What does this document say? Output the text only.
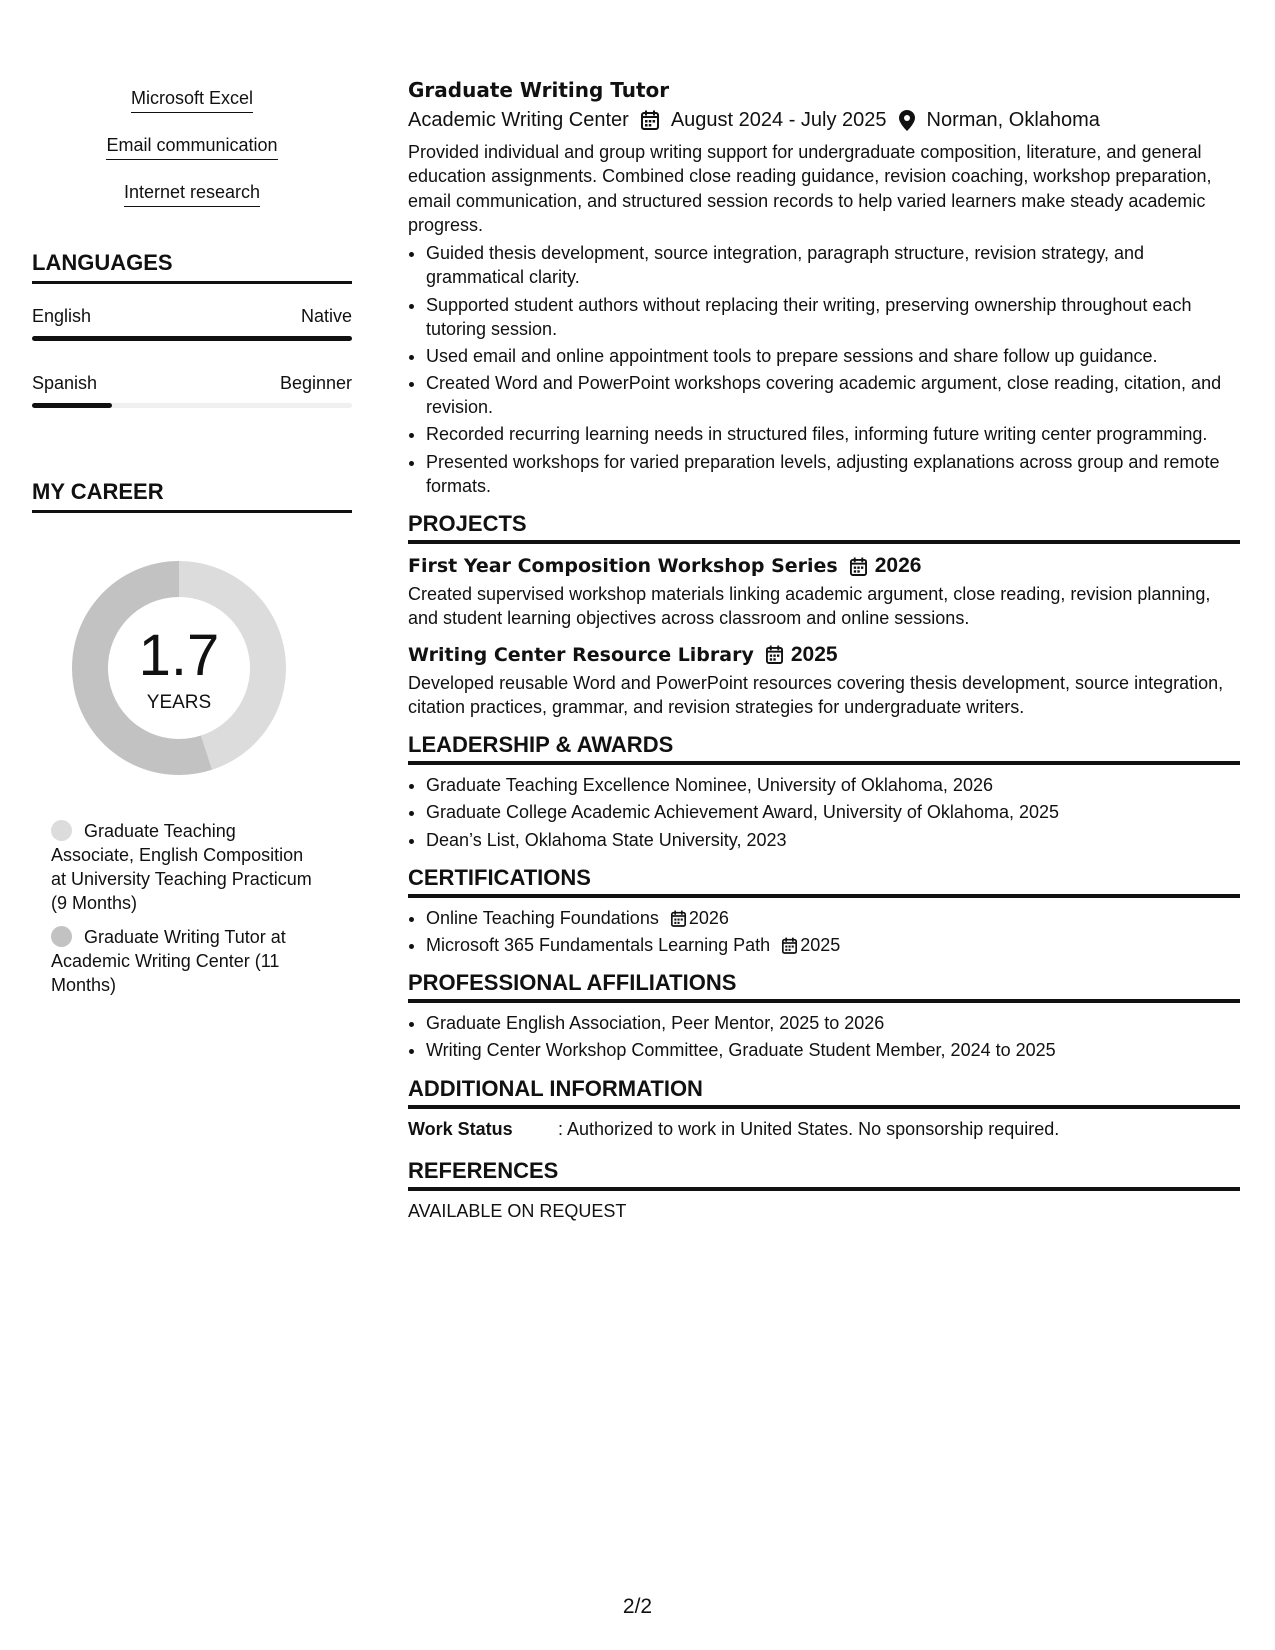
Microsoft Excel
Email communication
Internet research
LANGUAGES
English	Native
Spanish	Beginner
MY CAREER
1.7
YEARS
Graduate Teaching Associate, English Composition at University Teaching Practicum (9 Months)
Graduate Writing Tutor at Academic Writing Center (11 Months)
Graduate Writing Tutor
Academic Writing Center August 2024 - July 2025 Norman, Oklahoma

Provided individual and group writing support for undergraduate composition, literature, and general education assignments. Combined close reading guidance, revision coaching, workshop preparation, email communication, and structured session records to help varied learners make steady academic progress.

• Guided thesis development, source integration, paragraph structure, revision strategy, and grammatical clarity.
• Supported student authors without replacing their writing, preserving ownership throughout each tutoring session.
• Used email and online appointment tools to prepare sessions and share follow up guidance.
• Created Word and PowerPoint workshops covering academic argument, close reading, citation, and revision.
• Recorded recurring learning needs in structured files, informing future writing center programming.
• Presented workshops for varied preparation levels, adjusting explanations across group and remote formats.
PROJECTS
First Year Composition Workshop Series 2026

Created supervised workshop materials linking academic argument, close reading, revision planning, and student learning objectives across classroom and online sessions.

Writing Center Resource Library 2025

Developed reusable Word and PowerPoint resources covering thesis development, source integration, citation practices, grammar, and revision strategies for undergraduate writers.

LEADERSHIP & AWARDS
• Graduate Teaching Excellence Nominee, University of Oklahoma, 2026
• Graduate College Academic Achievement Award, University of Oklahoma, 2025
• Dean’s List, Oklahoma State University, 2023
CERTIFICATIONS
• Online Teaching Foundations 2026
• Microsoft 365 Fundamentals Learning Path 2025
PROFESSIONAL AFFILIATIONS
• Graduate English Association, Peer Mentor, 2025 to 2026
• Writing Center Workshop Committee, Graduate Student Member, 2024 to 2025
ADDITIONAL INFORMATION
Work Status	: Authorized to work in United States. No sponsorship required.
REFERENCES
AVAILABLE ON REQUEST
2/2
